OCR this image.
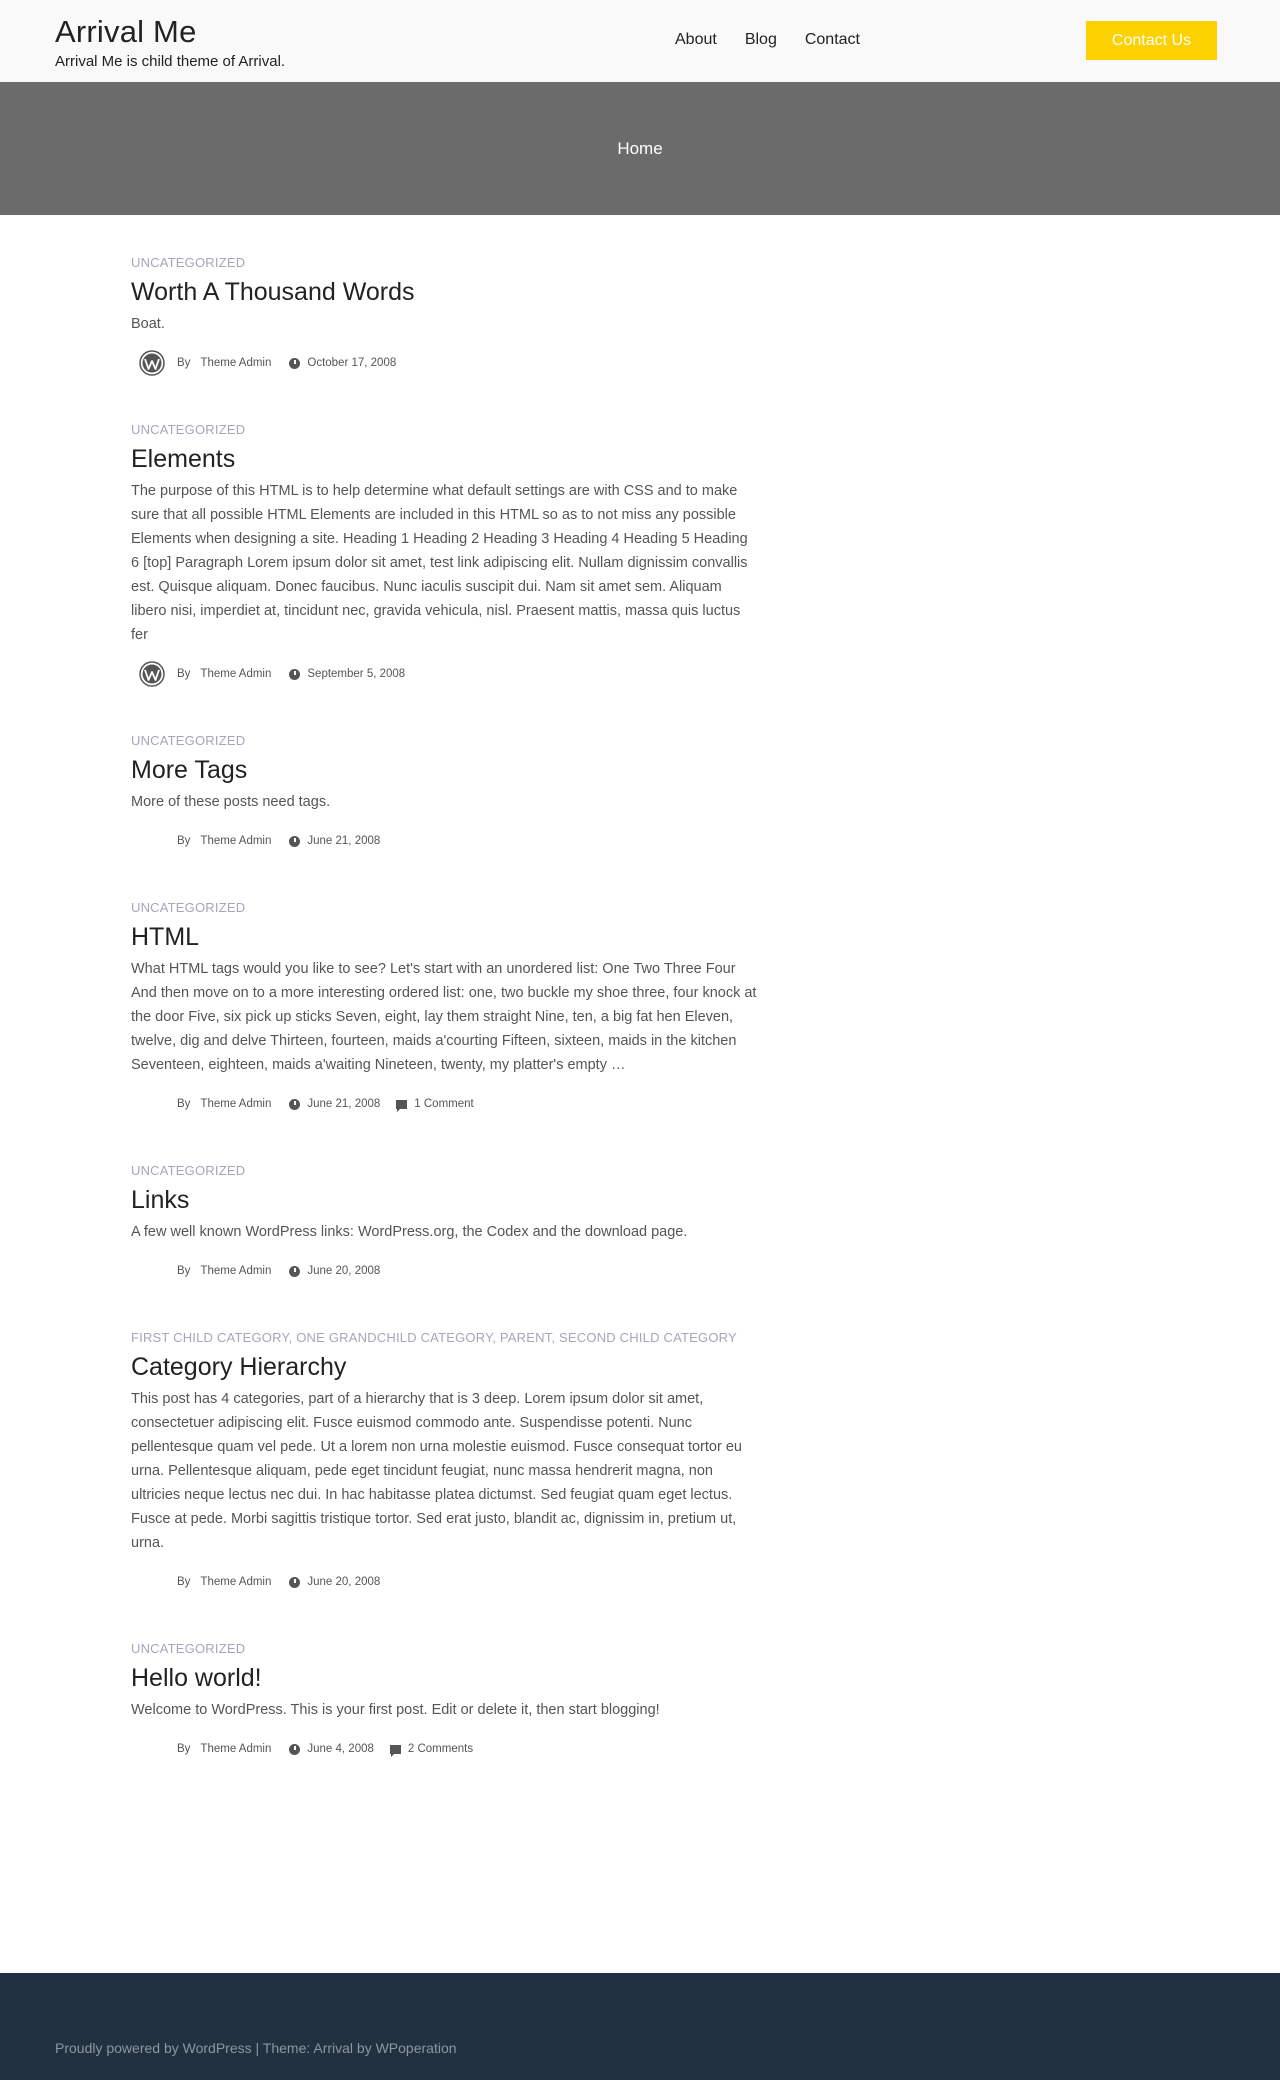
Arrival Me
Arrival Me is child theme of Arrival.
About Blog Contact	Contact Us
Home
UNCATEGORIZED
Worth A Thousand Words

Boat.

By Theme Admin	October 17, 2008
UNCATEGORIZED
Elements

The purpose of this HTML is to help determine what default settings are with CSS and to make sure that all possible HTML Elements are included in this HTML so as to not miss any possible Elements when designing a site. Heading 1 Heading 2 Heading 3 Heading 4 Heading 5 Heading 6 [top] Paragraph Lorem ipsum dolor sit amet, test link adipiscing elit. Nullam dignissim convallis est. Quisque aliquam. Donec faucibus. Nunc iaculis suscipit dui. Nam sit amet sem. Aliquam libero nisi, imperdiet at, tincidunt nec, gravida vehicula, nisl. Praesent mattis, massa quis luctus fer

By Theme Admin	September 5, 2008
UNCATEGORIZED
More Tags

More of these posts need tags.

By Theme Admin	June 21, 2008
UNCATEGORIZED
HTML

What HTML tags would you like to see? Let's start with an unordered list: One Two Three Four And then move on to a more interesting ordered list: one, two buckle my shoe three, four knock at the door Five, six pick up sticks Seven, eight, lay them straight Nine, ten, a big fat hen Eleven, twelve, dig and delve Thirteen, fourteen, maids a'courting Fifteen, sixteen, maids in the kitchen Seventeen, eighteen, maids a'waiting Nineteen, twenty, my platter's empty …

By Theme Admin	June 21, 2008	1 Comment
UNCATEGORIZED
Links

A few well known WordPress links: WordPress.org, the Codex and the download page.

By Theme Admin	June 20, 2008
FIRST CHILD CATEGORY, ONE GRANDCHILD CATEGORY, PARENT, SECOND CHILD CATEGORY
Category Hierarchy

This post has 4 categories, part of a hierarchy that is 3 deep. Lorem ipsum dolor sit amet, consectetuer adipiscing elit. Fusce euismod commodo ante. Suspendisse potenti. Nunc pellentesque quam vel pede. Ut a lorem non urna molestie euismod. Fusce consequat tortor eu urna. Pellentesque aliquam, pede eget tincidunt feugiat, nunc massa hendrerit magna, non ultricies neque lectus nec dui. In hac habitasse platea dictumst. Sed feugiat quam eget lectus. Fusce at pede. Morbi sagittis tristique tortor. Sed erat justo, blandit ac, dignissim in, pretium ut, urna.

By Theme Admin	June 20, 2008
UNCATEGORIZED
Hello world!

Welcome to WordPress. This is your first post. Edit or delete it, then start blogging!

By Theme Admin	June 4, 2008	2 Comments
Proudly powered by WordPress | Theme: Arrival by WPoperation
